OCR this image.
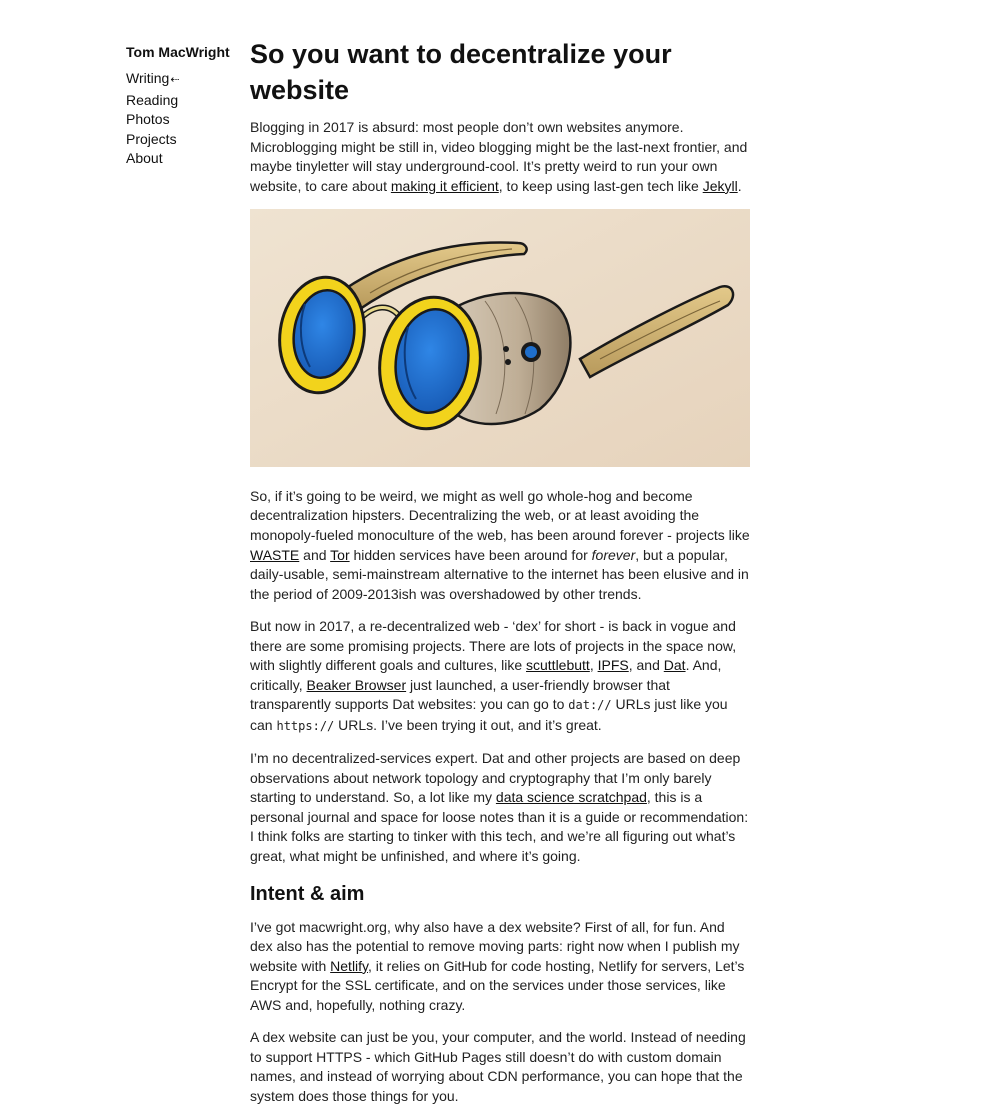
Tom MacWright
Writing⇠
Reading
Photos
Projects
About
So you want to decentralize your website

Blogging in 2017 is absurd: most people don’t own websites anymore. Microblogging might be still in, video blogging might be the last-next frontier, and maybe tinyletter will stay underground-cool. It’s pretty weird to run your own website, to care about making it efficient, to keep using last-gen tech like Jekyll.

So, if it’s going to be weird, we might as well go whole-hog and become decentralization hipsters. Decentralizing the web, or at least avoiding the monopoly-fueled monoculture of the web, has been around forever - projects like WASTE and Tor hidden services have been around for forever, but a popular, daily-usable, semi-mainstream alternative to the internet has been elusive and in the period of 2009-2013ish was overshadowed by other trends.

But now in 2017, a re-decentralized web - ‘dex’ for short - is back in vogue and there are some promising projects. There are lots of projects in the space now, with slightly different goals and cultures, like scuttlebutt, IPFS, and Dat. And, critically, Beaker Browser just launched, a user-friendly browser that transparently supports Dat websites: you can go to dat:// URLs just like you can https:// URLs. I’ve been trying it out, and it’s great.

I’m no decentralized-services expert. Dat and other projects are based on deep observations about network topology and cryptography that I’m only barely starting to understand. So, a lot like my data science scratchpad, this is a personal journal and space for loose notes than it is a guide or recommendation: I think folks are starting to tinker with this tech, and we’re all figuring out what’s great, what might be unfinished, and where it’s going.

Intent & aim

I’ve got macwright.org, why also have a dex website? First of all, for fun. And dex also has the potential to remove moving parts: right now when I publish my website with Netlify, it relies on GitHub for code hosting, Netlify for servers, Let’s Encrypt for the SSL certificate, and on the services under those services, like AWS and, hopefully, nothing crazy.

A dex website can just be you, your computer, and the world. Instead of needing to support HTTPS - which GitHub Pages still doesn’t do with custom domain names, and instead of worrying about CDN performance, you can hope that the system does those things for you.
